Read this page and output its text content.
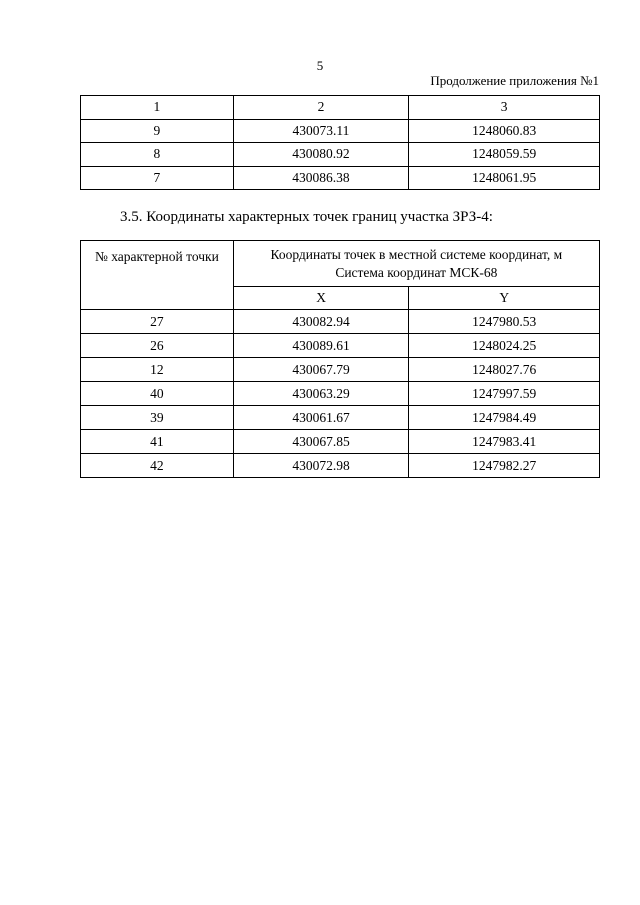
5
Продолжение приложения №1
1	2	3
9	430073.11	1248060.83
8	430080.92	1248059.59
7	430086.38	1248061.95
3.5. Координаты характерных точек границ участка ЗРЗ-4:
№ характерной точки	Координаты точек в местной системе координат, м
Система координат МСК-68	

	X	Y
27	430082.94	1247980.53
26	430089.61	1248024.25
12	430067.79	1248027.76
40	430063.29	1247997.59
39	430061.67	1247984.49
41	430067.85	1247983.41
42	430072.98	1247982.27
